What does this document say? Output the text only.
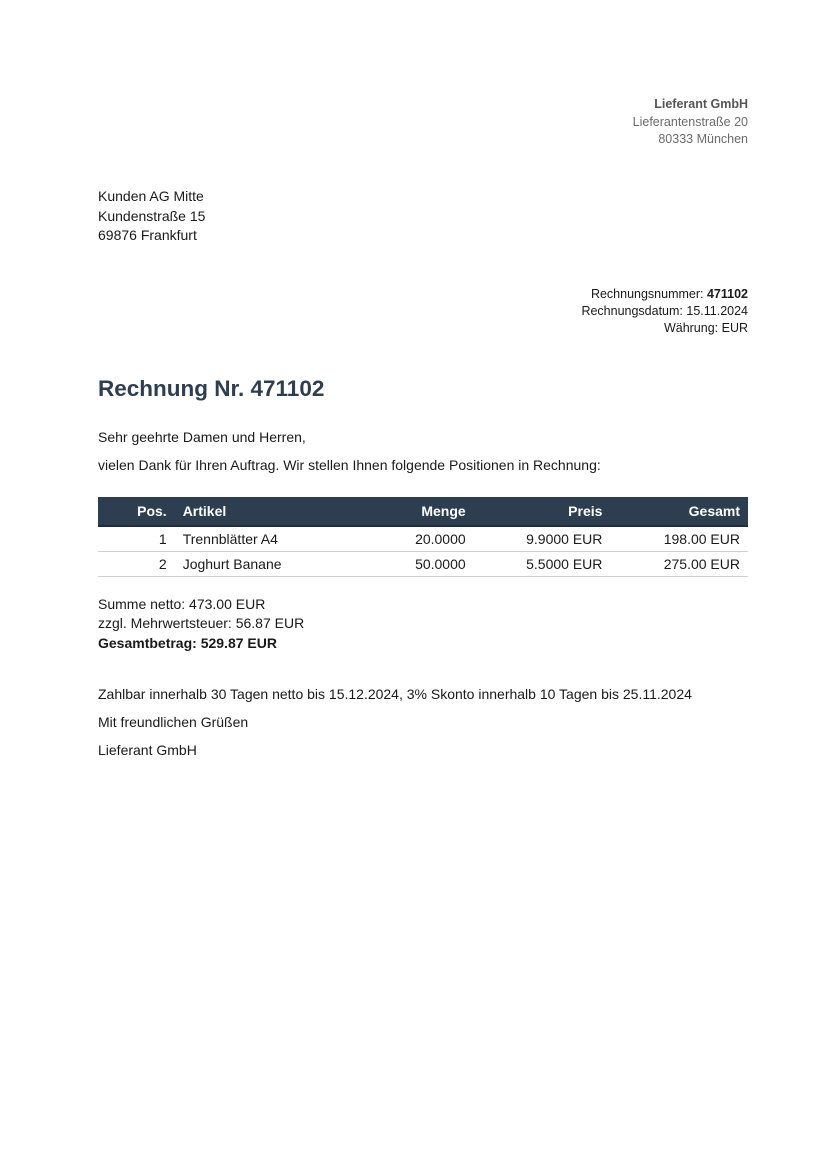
Lieferant GmbH
Lieferantenstraße 20
80333 München
Kunden AG Mitte
Kundenstraße 15
69876 Frankfurt
Rechnungsnummer: 471102
Rechnungsdatum: 15.11.2024
Währung: EUR
Rechnung Nr. 471102
Sehr geehrte Damen und Herren,
vielen Dank für Ihren Auftrag. Wir stellen Ihnen folgende Positionen in Rechnung:
Pos.	Artikel	Menge	Preis	Gesamt
1	Trennblätter A4	20.0000	9.9000 EUR	198.00 EUR
2	Joghurt Banane	50.0000	5.5000 EUR	275.00 EUR
Summe netto: 473.00 EUR
zzgl. Mehrwertsteuer: 56.87 EUR
Gesamtbetrag: 529.87 EUR
Zahlbar innerhalb 30 Tagen netto bis 15.12.2024, 3% Skonto innerhalb 10 Tagen bis 25.11.2024
Mit freundlichen Grüßen
Lieferant GmbH
